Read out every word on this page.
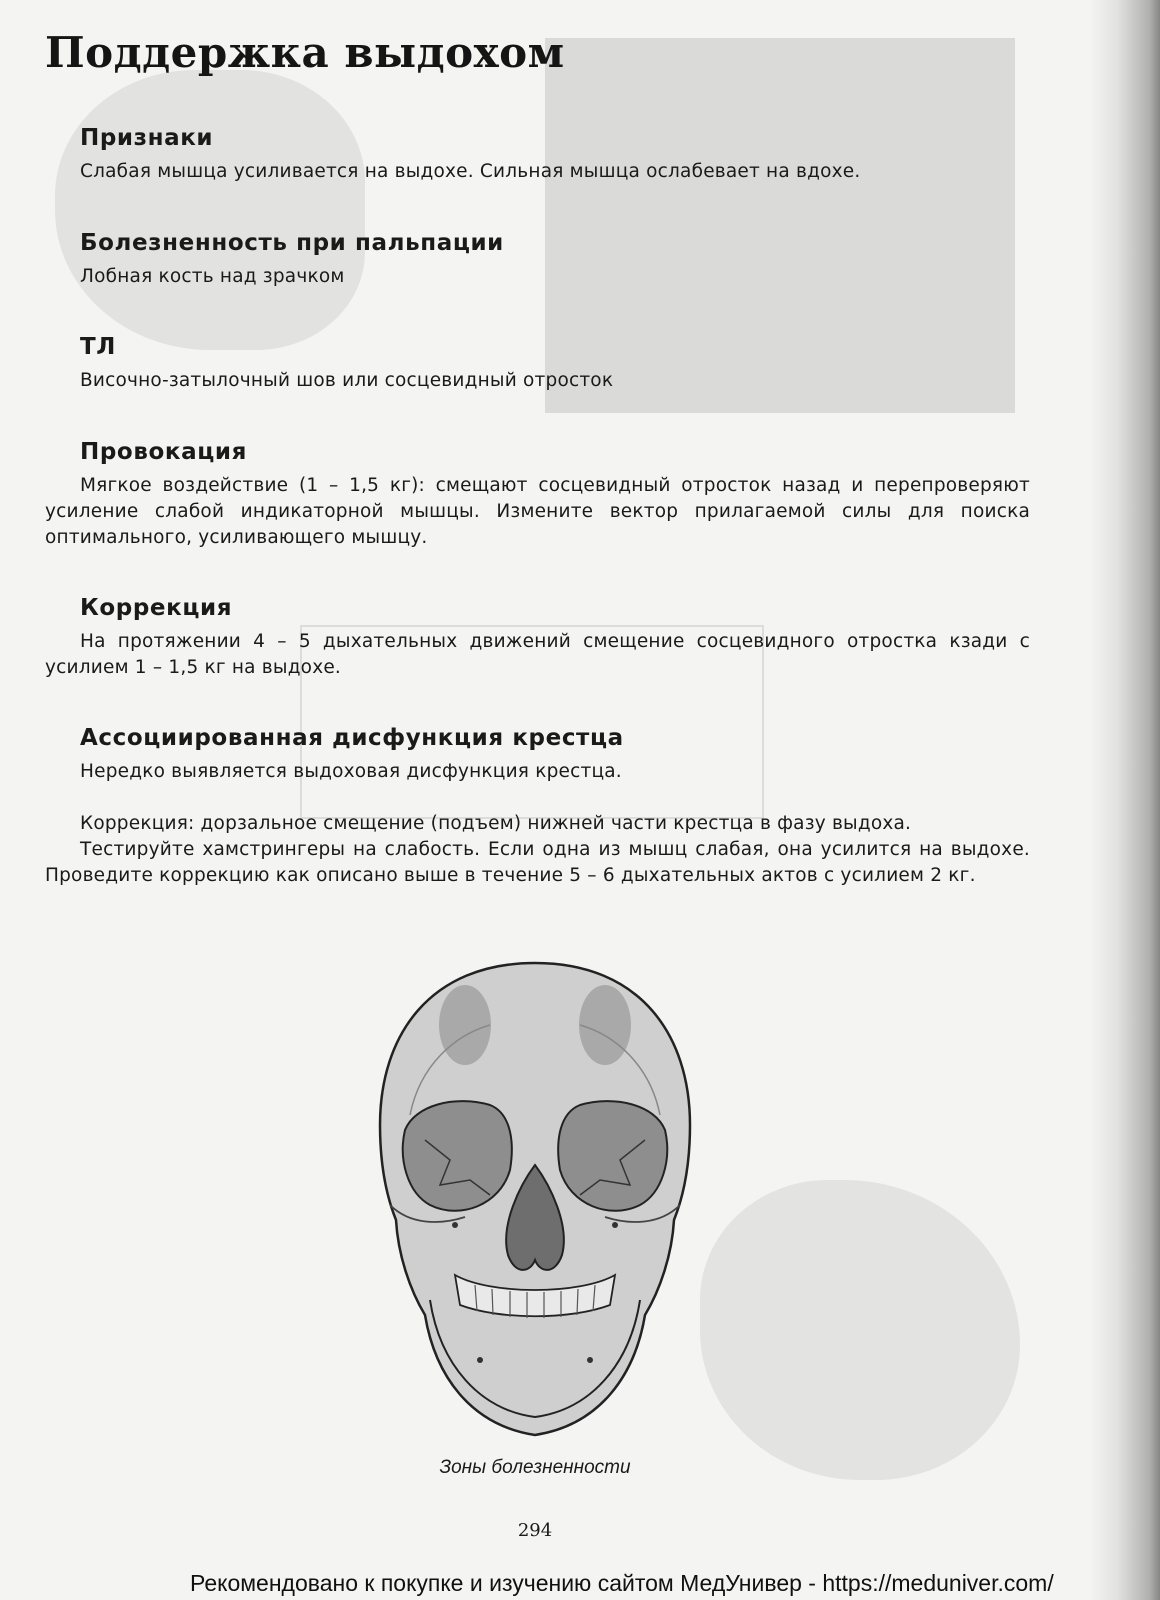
Поддержка выдохом
Признаки

Слабая мышца усиливается на выдохе. Сильная мышца ослабевает на вдохе.

Болезненность при пальпации

Лобная кость над зрачком

ТЛ

Височно-затылочный шов или сосцевидный отросток

Провокация

Мягкое воздействие (1 – 1,5 кг): смещают сосцевидный отросток назад и перепроверяют усиление слабой индикаторной мышцы. Измените вектор прилагаемой силы для поиска оптимального, усиливающего мышцу.

Коррекция

На протяжении 4 – 5 дыхательных движений смещение сосцевидного отростка кзади с усилием 1 – 1,5 кг на выдохе.

Ассоциированная дисфункция крестца

Нередко выявляется выдоховая дисфункция крестца.

Коррекция: дорзальное смещение (подъем) нижней части крестца в фазу выдоха.

Тестируйте хамстрингеры на слабость. Если одна из мышц слабая, она усилится на выдохе. Проведите коррекцию как описано выше в течение 5 – 6 дыхательных актов с усилием 2 кг.

Зоны болезненности
294
Рекомендовано к покупке и изучению сайтом МедУнивер - https://meduniver.com/
